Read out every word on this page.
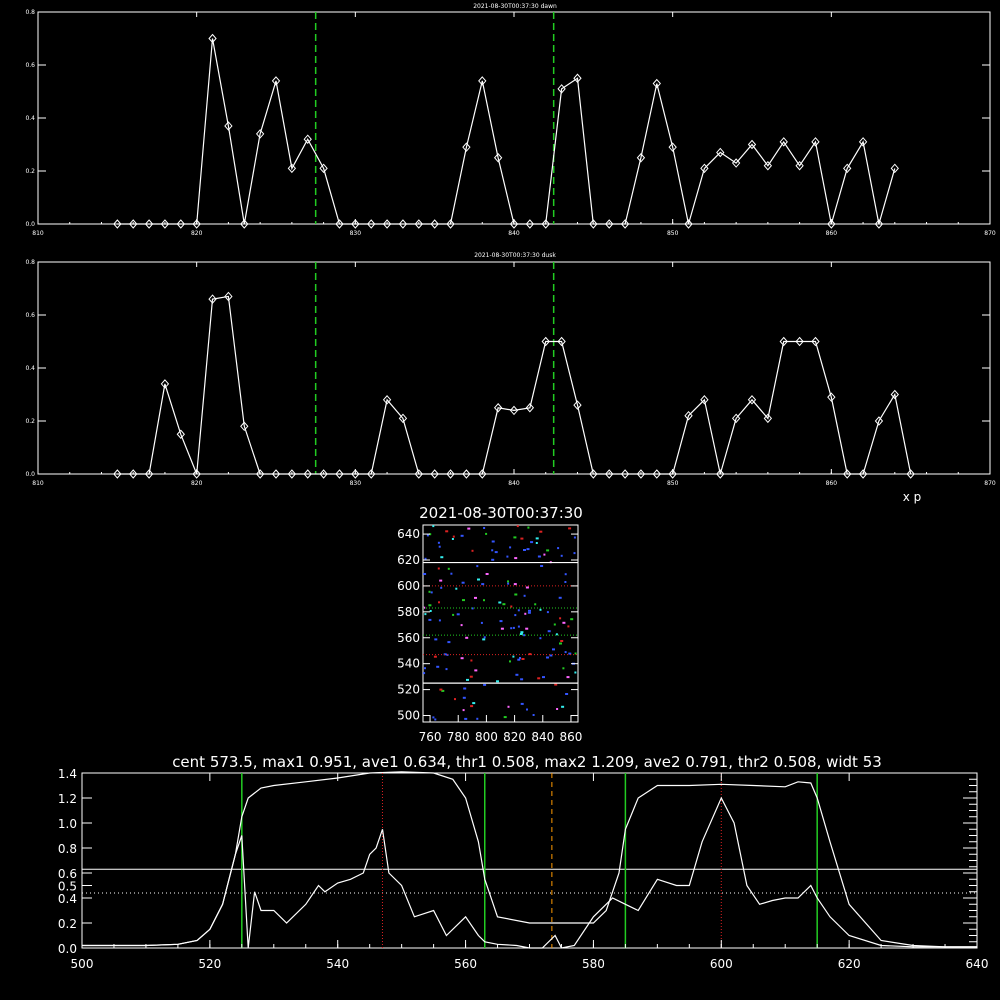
2021-08-30T00:37:30 dawn
810	820	830	840	850	860	870
0.0
0.2
0.4
0.6
0.8
2021-08-30T00:37:30 dusk
810	820	830	840	850	860	870
0.0
0.2
0.4
0.6
0.8
x p
2021-08-30T00:37:30
500
520
540
560
580
600
620
640
760 780 800 820 840 860
cent 573.5, max1 0.951, ave1 0.634, thr1 0.508, max2 1.209, ave2 0.791, thr2 0.508, widt 53
500	520	540	560	580	600	620	640
0.0
0.2
0.4
0.5
0.6
0.8
1.0
1.2
1.4
